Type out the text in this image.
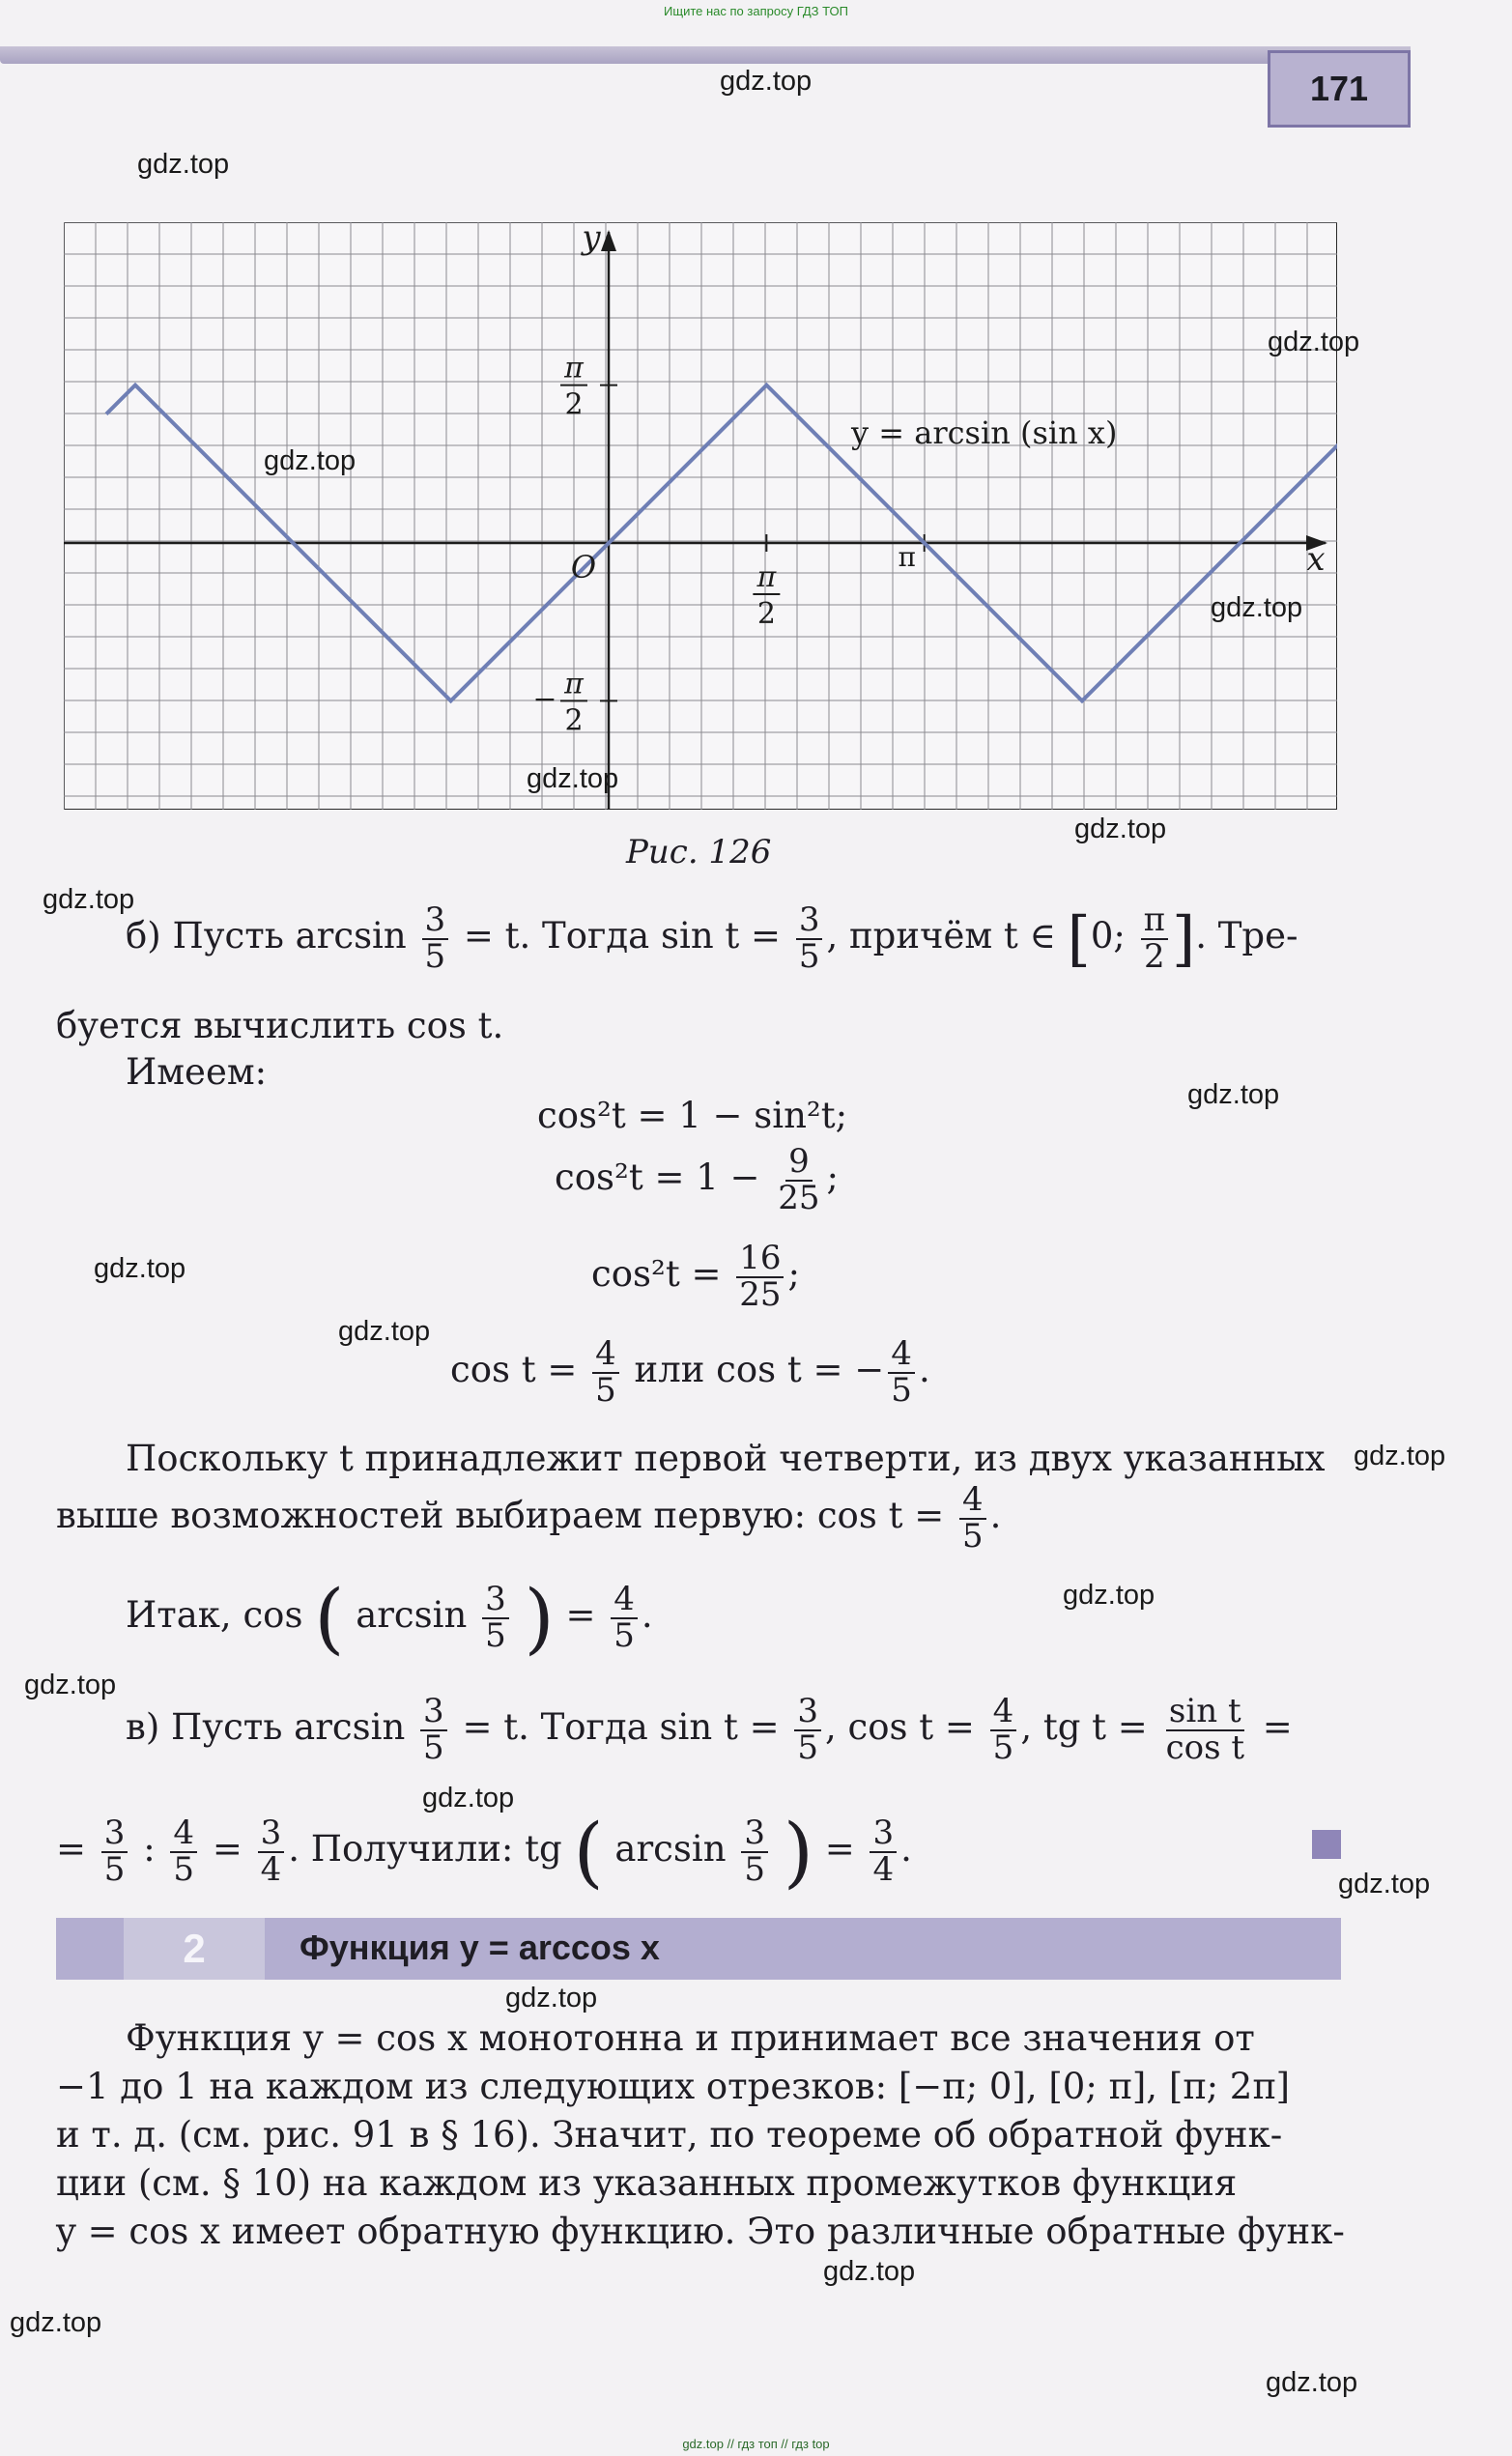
Ищите нас по запросу ГДЗ ТОП
171
y
x
O
π
2
π
2
−
π
2
π
y = arcsin (sin x)
Рис. 126
б) Пусть $\arcsin \frac{3}{5} = t$. Тогда $\sin t = \frac{3}{5}$ , причём t ∈ [0; $\frac{\pi}{2}$ ]. Тре-
буется вычислить cos t.
Имеем:
cos²t = 1 − sin²t;
$\cos^2t = 1 - \frac{9}{25}$ ;
$\cos^2t = \frac{16}{25}$ ;
$\cos t = \frac{4}{5}$ или cos t = − $\frac{4}{5}$ .
Поскольку t принадлежит первой четверти, из двух указанных
выше возможностей выбираем первую: $\cos t = \frac{4}{5}$ .
Итак, cos ( $\arcsin \frac{3}{5}$ ) = $\frac{4}{5}$ .
в) Пусть $\arcsin \frac{3}{5} = t$. Тогда $\sin t = \frac{3}{5}$ , $\cos t = \frac{4}{5}$ , tg $t = \frac{\text{sin t}}{\text{cos t}}$ =
= $\frac{3}{5}$ : $\frac{4}{5} = \frac{3}{4}$ . Получили: tg ( $\arcsin \frac{3}{5}$ ) = $\frac{3}{4}$ .
2	Функция y = arccos x
Функция y = cos x монотонна и принимает все значения от
−1 до 1 на каждом из следующих отрезков: [−π; 0], [0; π], [π; 2π]
и т. д. (см. рис. 91 в § 16). Значит, по теореме об обратной функ-
ции (см. § 10) на каждом из указанных промежутков функция
y = cos x имеет обратную функцию. Это различные обратные функ-
gdz.top
gdz.top
gdz.top
gdz.top
gdz.top
gdz.top
gdz.top
gdz.top
gdz.top
gdz.top
gdz.top
gdz.top
gdz.top
gdz.top
gdz.top
gdz.top
gdz.top
gdz.top
gdz.top
gdz.top
gdz.top // гдз топ // гдз top
